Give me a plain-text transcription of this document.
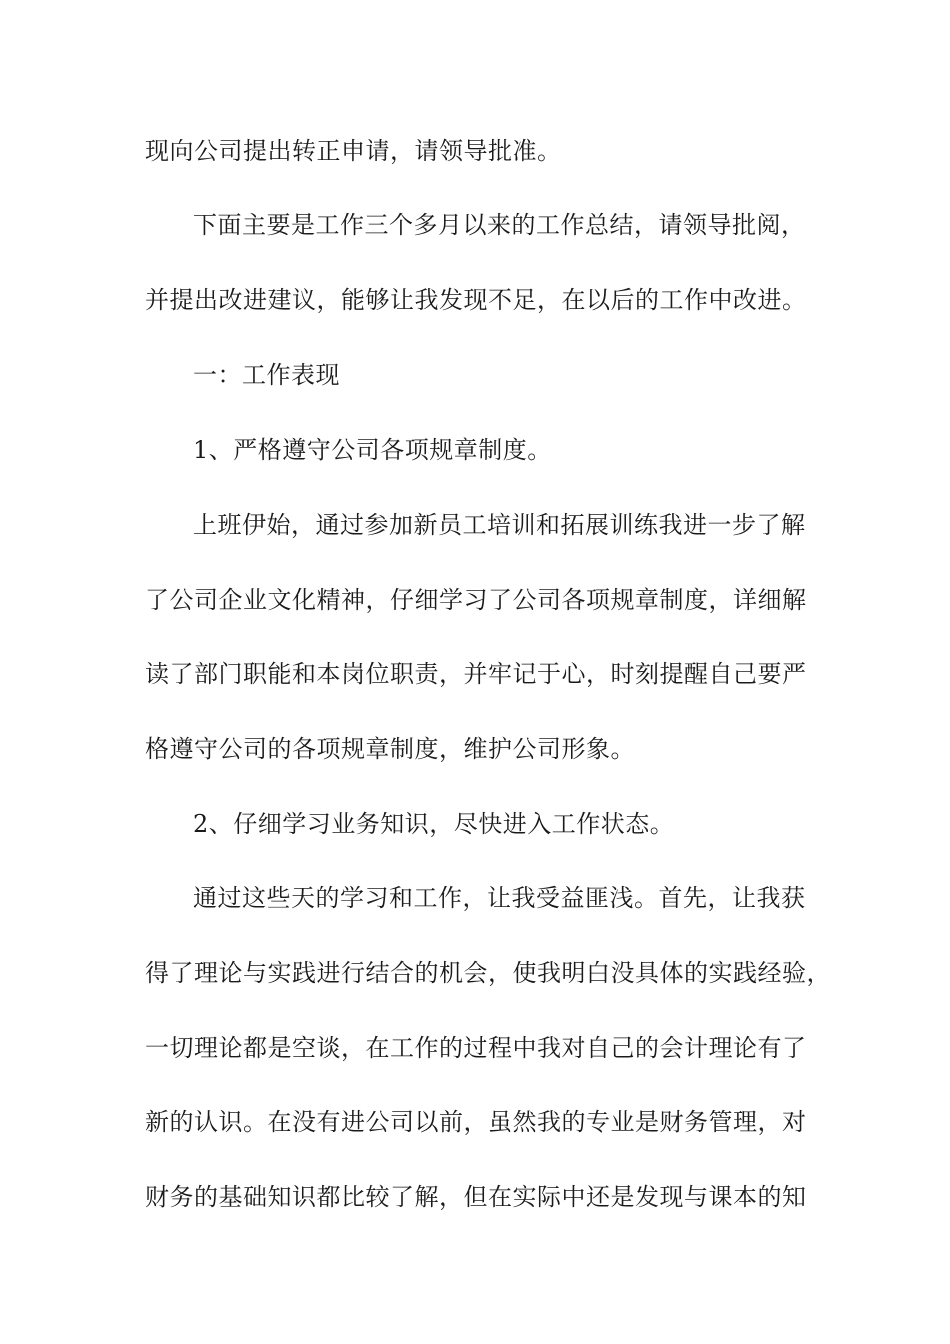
现向公司提出转正申请，请领导批准。
下面主要是工作三个多月以来的工作总结，请领导批阅，
并提出改进建议，能够让我发现不足，在以后的工作中改进。
一：工作表现
1、严格遵守公司各项规章制度。
上班伊始，通过参加新员工培训和拓展训练我进一步了解
了公司企业文化精神，仔细学习了公司各项规章制度，详细解
读了部门职能和本岗位职责，并牢记于心，时刻提醒自己要严
格遵守公司的各项规章制度，维护公司形象。
2、仔细学习业务知识，尽快进入工作状态。
通过这些天的学习和工作，让我受益匪浅。首先，让我获
得了理论与实践进行结合的机会，使我明白没具体的实践经验，
一切理论都是空谈，在工作的过程中我对自己的会计理论有了
新的认识。在没有进公司以前，虽然我的专业是财务管理，对
财务的基础知识都比较了解，但在实际中还是发现与课本的知
